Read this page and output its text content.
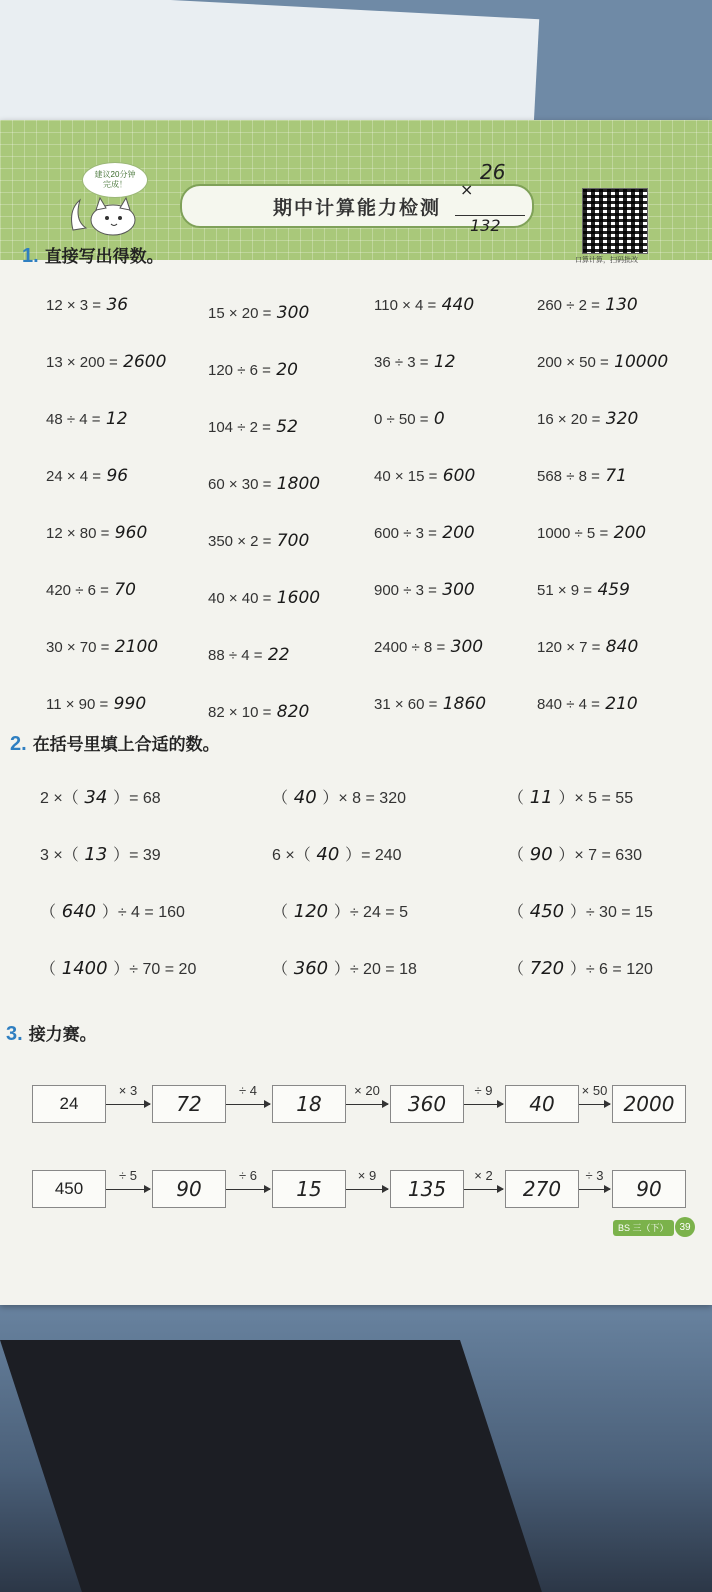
建议20分钟
完成！
期中计算能力检测
口算计算，扫码批改
26
×
132
1. 直接写出得数。
12 × 3 = 36	15 × 20 = 300	110 × 4 = 440	260 ÷ 2 = 130
13 × 200 = 2600	120 ÷ 6 = 20	36 ÷ 3 = 12	200 × 50 = 10000
48 ÷ 4 = 12	104 ÷ 2 = 52	0 ÷ 50 = 0	16 × 20 = 320
24 × 4 = 96	60 × 30 = 1800	40 × 15 = 600	568 ÷ 8 = 71
12 × 80 = 960	350 × 2 = 700	600 ÷ 3 = 200	1000 ÷ 5 = 200
420 ÷ 6 = 70	40 × 40 = 1600	900 ÷ 3 = 300	51 × 9 = 459
30 × 70 = 2100	88 ÷ 4 = 22	2400 ÷ 8 = 300	120 × 7 = 840
11 × 90 = 990	82 × 10 = 820	31 × 60 = 1860	840 ÷ 4 = 210
2. 在括号里填上合适的数。
2 ×（ 34 ）= 68	（ 40 ）× 8 = 320	（ 11 ）× 5 = 55
3 ×（ 13 ）= 39	6 ×（ 40 ）= 240	（ 90 ）× 7 = 630
（ 640 ）÷ 4 = 160	（ 120 ）÷ 24 = 5	（ 450 ）÷ 30 = 15
（ 1400 ）÷ 70 = 20	（ 360 ）÷ 20 = 18	（ 720 ）÷ 6 = 120
3. 接力赛。
24
× 3
72
÷ 4
18
× 20
360
÷ 9
40
× 50
2000
450
÷ 5
90
÷ 6
15
× 9
135
× 2
270
÷ 3
90
BS 三（下）	39
